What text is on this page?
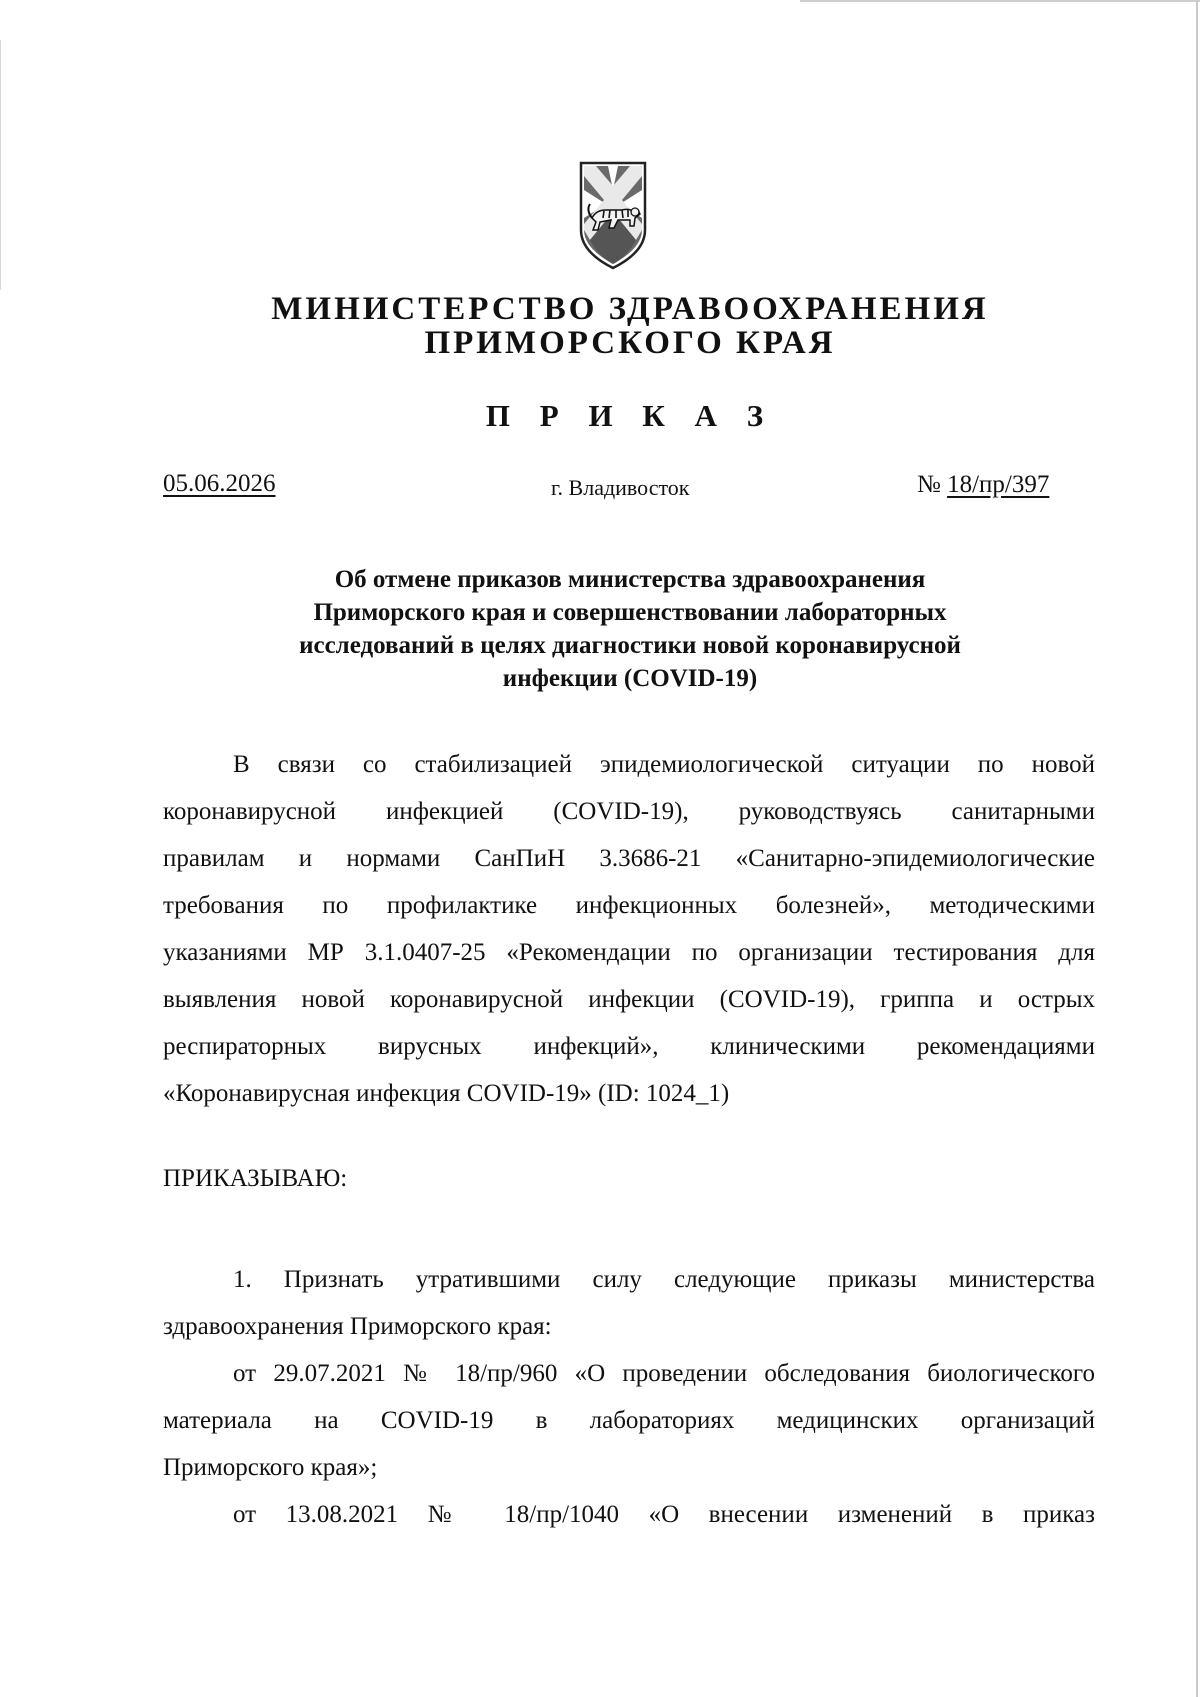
МИНИСТЕРСТВО ЗДРАВООХРАНЕНИЯ
ПРИМОРСКОГО КРАЯ
П Р И К А З
05.06.2026	г. Владивосток	№ 18/пр/397
Об отмене приказов министерства здравоохранения
Приморского края и совершенствовании лабораторных
исследований в целях диагностики новой коронавирусной
инфекции (COVID-19)
В связи со стабилизацией эпидемиологической ситуации по новой
коронавирусной инфекцией (COVID-19), руководствуясь санитарными
правилам и нормами СанПиН 3.3686-21 «Санитарно-эпидемиологические
требования по профилактике инфекционных болезней», методическими
указаниями МР 3.1.0407-25 «Рекомендации по организации тестирования для
выявления новой коронавирусной инфекции (COVID-19), гриппа и острых
респираторных вирусных инфекций», клиническими рекомендациями
«Коронавирусная инфекция COVID-19» (ID: 1024_1)
ПРИКАЗЫВАЮ:
1. Признать утратившими силу следующие приказы министерства
здравоохранения Приморского края:
от 29.07.2021 № 18/пр/960 «О проведении обследования биологического
материала на COVID-19 в лабораториях медицинских организаций
Приморского края»;
от 13.08.2021 № 18/пр/1040 «О внесении изменений в приказ
